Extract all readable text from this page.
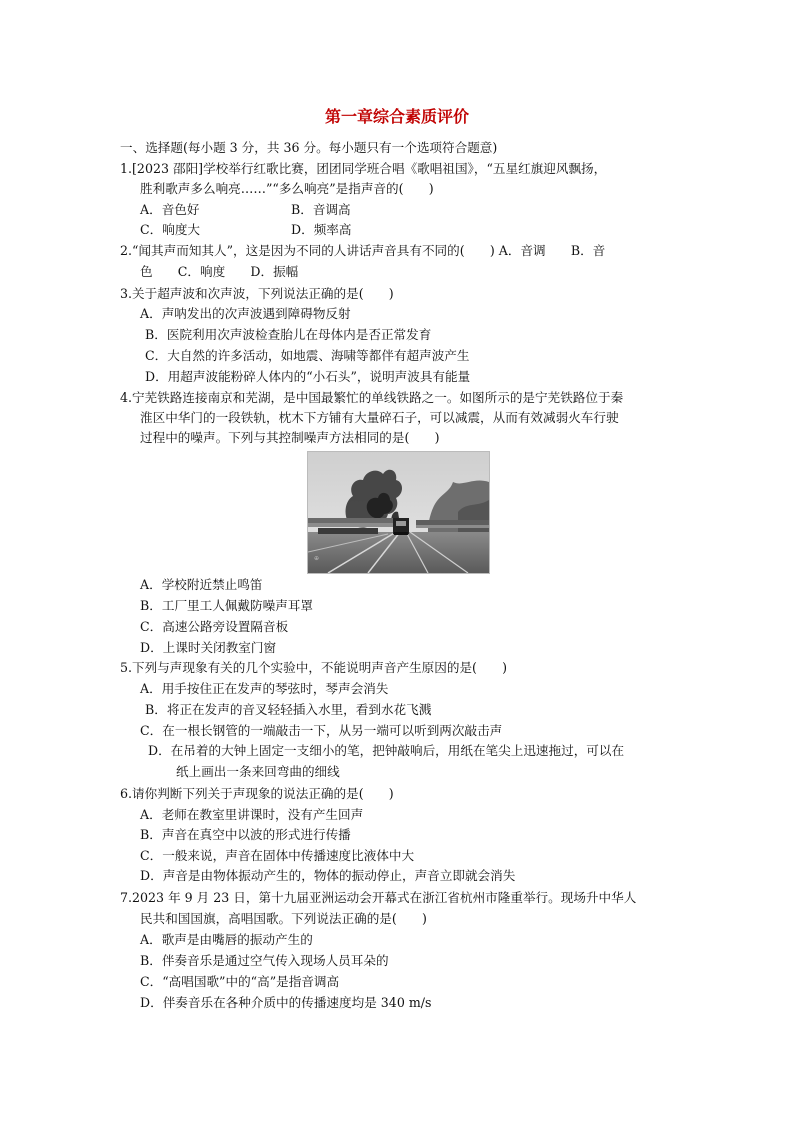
第一章综合素质评价
一、选择题(每小题 3 分，共 36 分。每小题只有一个选项符合题意)
1.[2023 邵阳]学校举行红歌比赛，团团同学班合唱《歌唱祖国》，“五星红旗迎风飘扬，
胜利歌声多么响亮……”“多么响亮”是指声音的(　　)
A．音色好	B．音调高
C．响度大	D．频率高
2.“闻其声而知其人”，这是因为不同的人讲话声音具有不同的(　　) A．音调　　B．音
色　　C．响度　　D．振幅
3.关于超声波和次声波，下列说法正确的是(　　)
A．声呐发出的次声波遇到障碍物反射
B．医院利用次声波检查胎儿在母体内是否正常发育
C．大自然的许多活动，如地震、海啸等都伴有超声波产生
D．用超声波能粉碎人体内的“小石头”，说明声波具有能量
4.宁芜铁路连接南京和芜湖，是中国最繁忙的单线铁路之一。如图所示的是宁芜铁路位于秦
淮区中华门的一段铁轨，枕木下方铺有大量碎石子，可以减震，从而有效减弱火车行驶
过程中的噪声。下列与其控制噪声方法相同的是(　　)
⊕
A．学校附近禁止鸣笛
B．工厂里工人佩戴防噪声耳罩
C．高速公路旁设置隔音板
D．上课时关闭教室门窗
5.下列与声现象有关的几个实验中，不能说明声音产生原因的是(　　)
A．用手按住正在发声的琴弦时，琴声会消失
B．将正在发声的音叉轻轻插入水里，看到水花飞溅
C．在一根长钢管的一端敲击一下，从另一端可以听到两次敲击声
D．在吊着的大钟上固定一支细小的笔，把钟敲响后，用纸在笔尖上迅速拖过，可以在
纸上画出一条来回弯曲的细线
6.请你判断下列关于声现象的说法正确的是(　　)
A．老师在教室里讲课时，没有产生回声
B．声音在真空中以波的形式进行传播
C．一般来说，声音在固体中传播速度比液体中大
D．声音是由物体振动产生的，物体的振动停止，声音立即就会消失
7.2023 年 9 月 23 日，第十九届亚洲运动会开幕式在浙江省杭州市隆重举行。现场升中华人
民共和国国旗，高唱国歌。下列说法正确的是(　　)
A．歌声是由嘴唇的振动产生的
B．伴奏音乐是通过空气传入现场人员耳朵的
C．“高唱国歌”中的“高”是指音调高
D．伴奏音乐在各种介质中的传播速度均是 340 m/s
